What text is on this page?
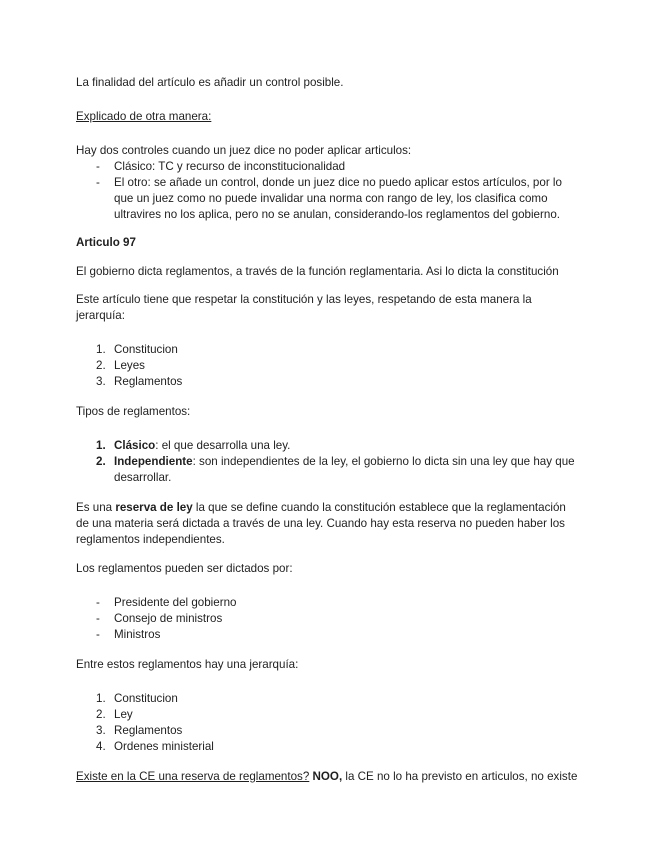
La finalidad del artículo es añadir un control posible.

Explicado de otra manera:

Hay dos controles cuando un juez dice no poder aplicar articulos:

- Clásico: TC y recurso de inconstitucionalidad
- El otro: se añade un control, donde un juez dice no puedo aplicar estos artículos, por lo que un juez como no puede invalidar una norma con rango de ley, los clasifica como ultravires no los aplica, pero no se anulan, considerando-los reglamentos del gobierno.

Articulo 97

El gobierno dicta reglamentos, a través de la función reglamentaria. Asi lo dicta la constitución

Este artículo tiene que respetar la constitución y las leyes, respetando de esta manera la jerarquía:

1. Constitucion
2. Leyes
3. Reglamentos

Tipos de reglamentos:

1. Clásico: el que desarrolla una ley.
2. Independiente: son independientes de la ley, el gobierno lo dicta sin una ley que hay que desarrollar.

Es una reserva de ley la que se define cuando la constitución establece que la reglamentación de una materia será dictada a través de una ley. Cuando hay esta reserva no pueden haber los reglamentos independientes.

Los reglamentos pueden ser dictados por:

- Presidente del gobierno
- Consejo de ministros
- Ministros

Entre estos reglamentos hay una jerarquía:

1. Constitucion
2. Ley
3. Reglamentos
4. Ordenes ministerial

Existe en la CE una reserva de reglamentos? NOO, la CE no lo ha previsto en articulos, no existe
